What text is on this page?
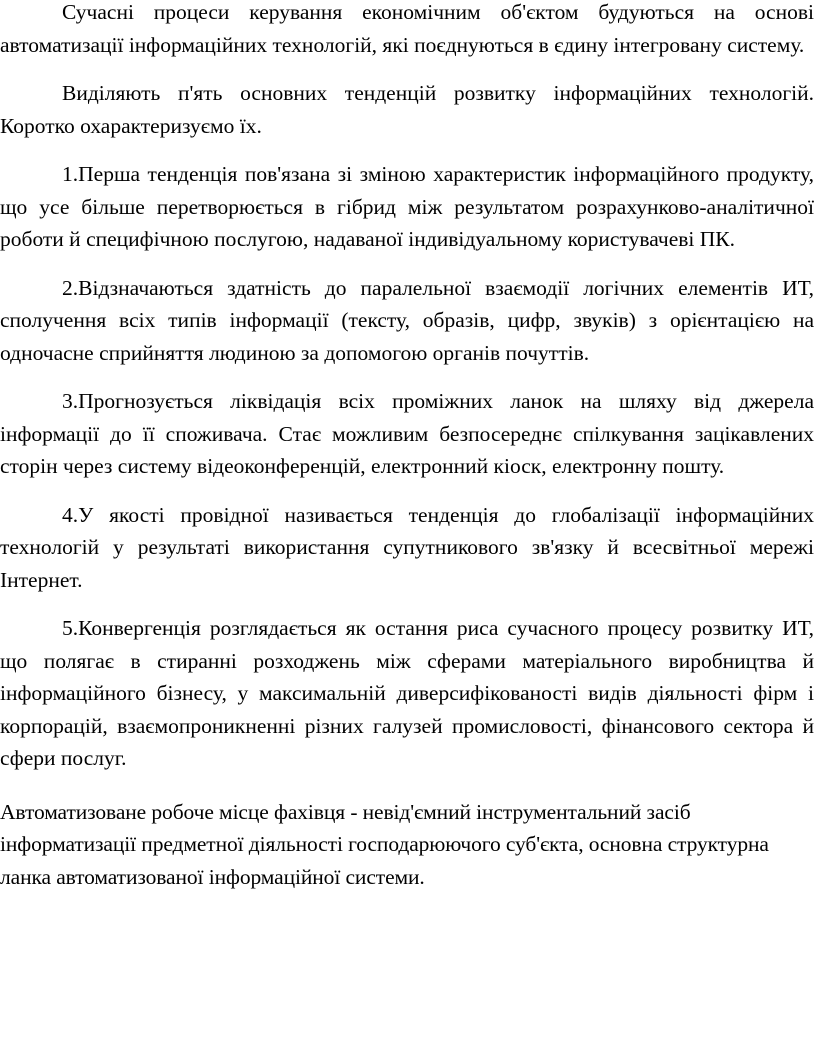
Сучасні процеси керування економічним об'єктом будуються на основі автоматизації інформаційних технологій, які поєднуються в єдину інтегровану систему.

Виділяють п'ять основних тенденцій розвитку інформаційних технологій. Коротко охарактеризуємо їх.

1.Перша тенденція пов'язана зі зміною характеристик інформаційного продукту, що усе більше перетворюється в гібрид між результатом розрахунково-аналітичної роботи й специфічною послугою, надаваної індивідуальному користувачеві ПК.

2.Відзначаються здатність до паралельної взаємодії логічних елементів ИТ, сполучення всіх типів інформації (тексту, образів, цифр, звуків) з орієнтацією на одночасне сприйняття людиною за допомогою органів почуттів.

3.Прогнозується ліквідація всіх проміжних ланок на шляху від джерела інформації до її споживача. Стає можливим безпосереднє спілкування зацікавлених сторін через систему відеоконференцій, електронний кіоск, електронну пошту.

4.У якості провідної називається тенденція до глобалізації інформаційних технологій у результаті використання супутникового зв'язку й всесвітньої мережі Інтернет.

5.Конвергенція розглядається як остання риса сучасного процесу розвитку ИТ, що полягає в стиранні розходжень між сферами матеріального виробництва й інформаційного бізнесу, у максимальній диверсифікованості видів діяльності фірм і корпорацій, взаємопроникненні різних галузей промисловості, фінансового сектора й сфери послуг.

Автоматизоване робоче місце фахівця - невід'ємний інструментальний засіб інформатизації предметної діяльності господарюючого суб'єкта, основна структурна ланка автоматизованої інформаційної системи.
